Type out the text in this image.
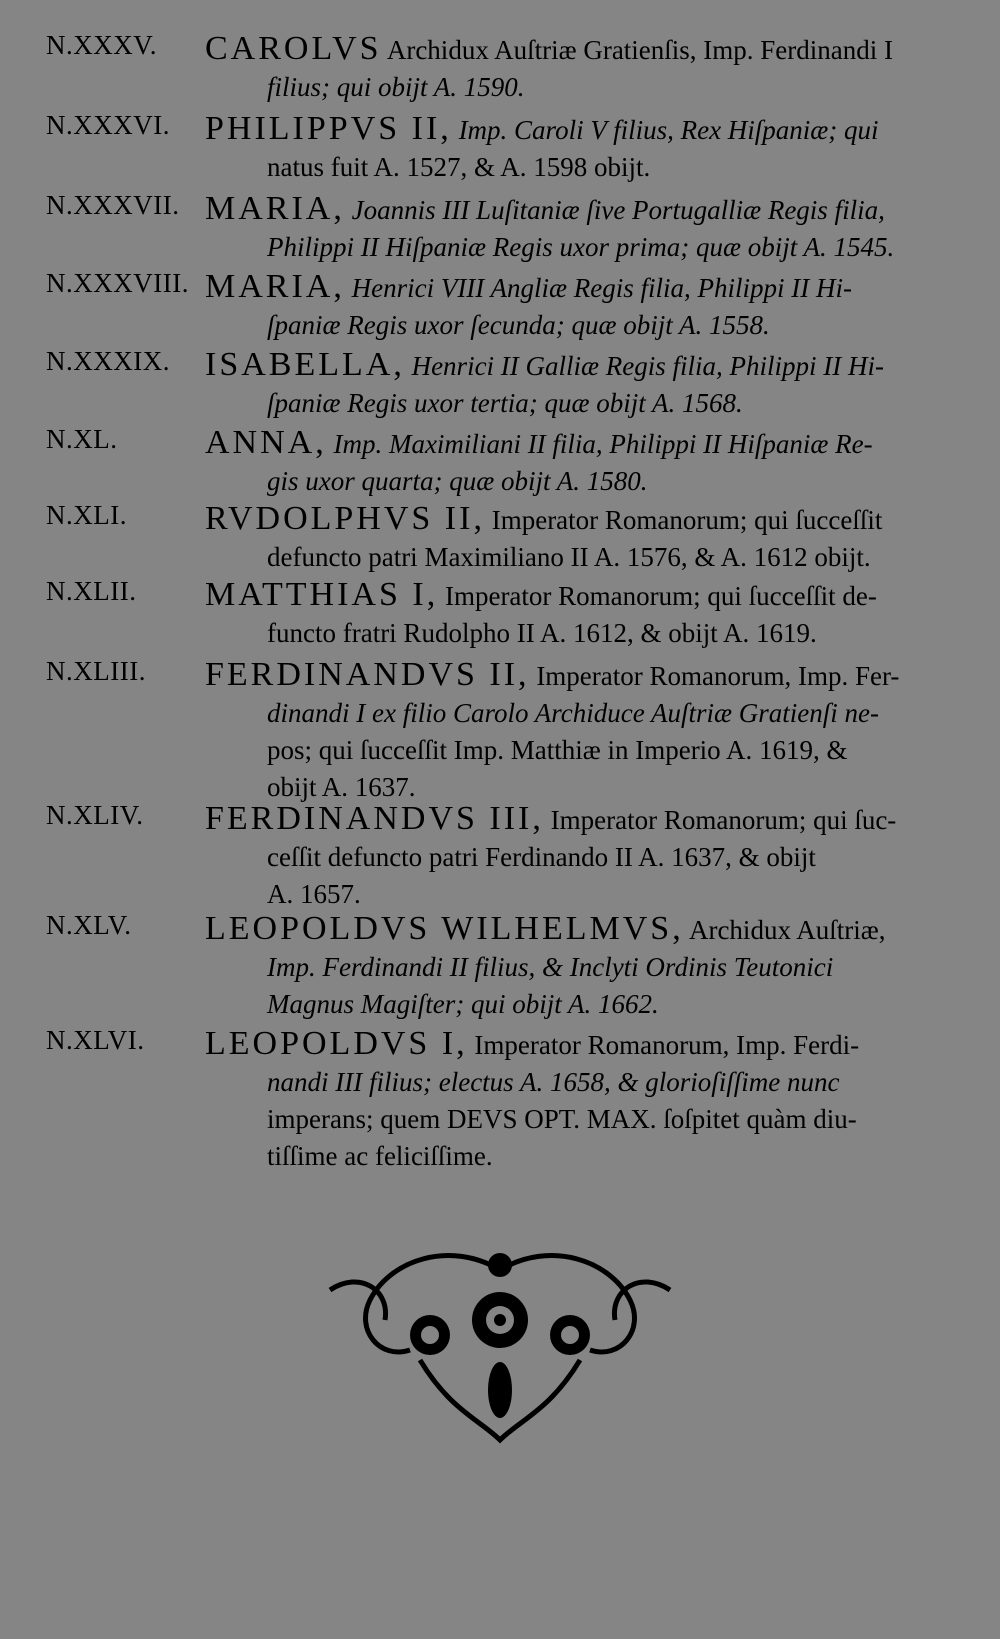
N.XXXV. CAROLVS Archidux Auſtriæ Gratienſis, Imp. Ferdinandi I
filius; qui obijt A. 1590.
N.XXXVI. PHILIPPVS II, Imp. Caroli V filius, Rex Hiſpaniæ; qui
natus fuit A. 1527, & A. 1598 obijt.
N.XXXVII. MARIA, Joannis III Luſitaniæ ſive Portugalliæ Regis filia,
Philippi II Hiſpaniæ Regis uxor prima; quæ obijt A. 1545.
N.XXXVIII. MARIA, Henrici VIII Angliæ Regis filia, Philippi II Hi-
ſpaniæ Regis uxor ſecunda; quæ obijt A. 1558.
N.XXXIX. ISABELLA, Henrici II Galliæ Regis filia, Philippi II Hi-
ſpaniæ Regis uxor tertia; quæ obijt A. 1568.
N.XL.	ANNA, Imp. Maximiliani II filia, Philippi II Hiſpaniæ Re-
gis uxor quarta; quæ obijt A. 1580.
N.XLI. RVDOLPHVS II, Imperator Romanorum; qui ſucceſſit
defuncto patri Maximiliano II A. 1576, & A. 1612 obijt.
N.XLII. MATTHIAS I, Imperator Romanorum; qui ſucceſſit de-
functo fratri Rudolpho II A. 1612, & obijt A. 1619.
N.XLIII. FERDINANDVS II, Imperator Romanorum, Imp. Fer-
dinandi I ex filio Carolo Archiduce Auſtriæ Gratienſi ne-
pos; qui ſucceſſit Imp. Matthiæ in Imperio A. 1619, &
obijt A. 1637.
N.XLIV. FERDINANDVS III, Imperator Romanorum; qui ſuc-
ceſſit defuncto patri Ferdinando II A. 1637, & obijt
A. 1657.
N.XLV. LEOPOLDVS WILHELMVS, Archidux Auſtriæ,
Imp. Ferdinandi II filius, & Inclyti Ordinis Teutonici
Magnus Magiſter; qui obijt A. 1662.
N.XLVI. LEOPOLDVS I, Imperator Romanorum, Imp. Ferdi-
nandi III filius; electus A. 1658, & glorioſiſſime nunc
imperans; quem DEVS OPT. MAX. ſoſpitet quàm diu-
tiſſime ac feliciſſime.
